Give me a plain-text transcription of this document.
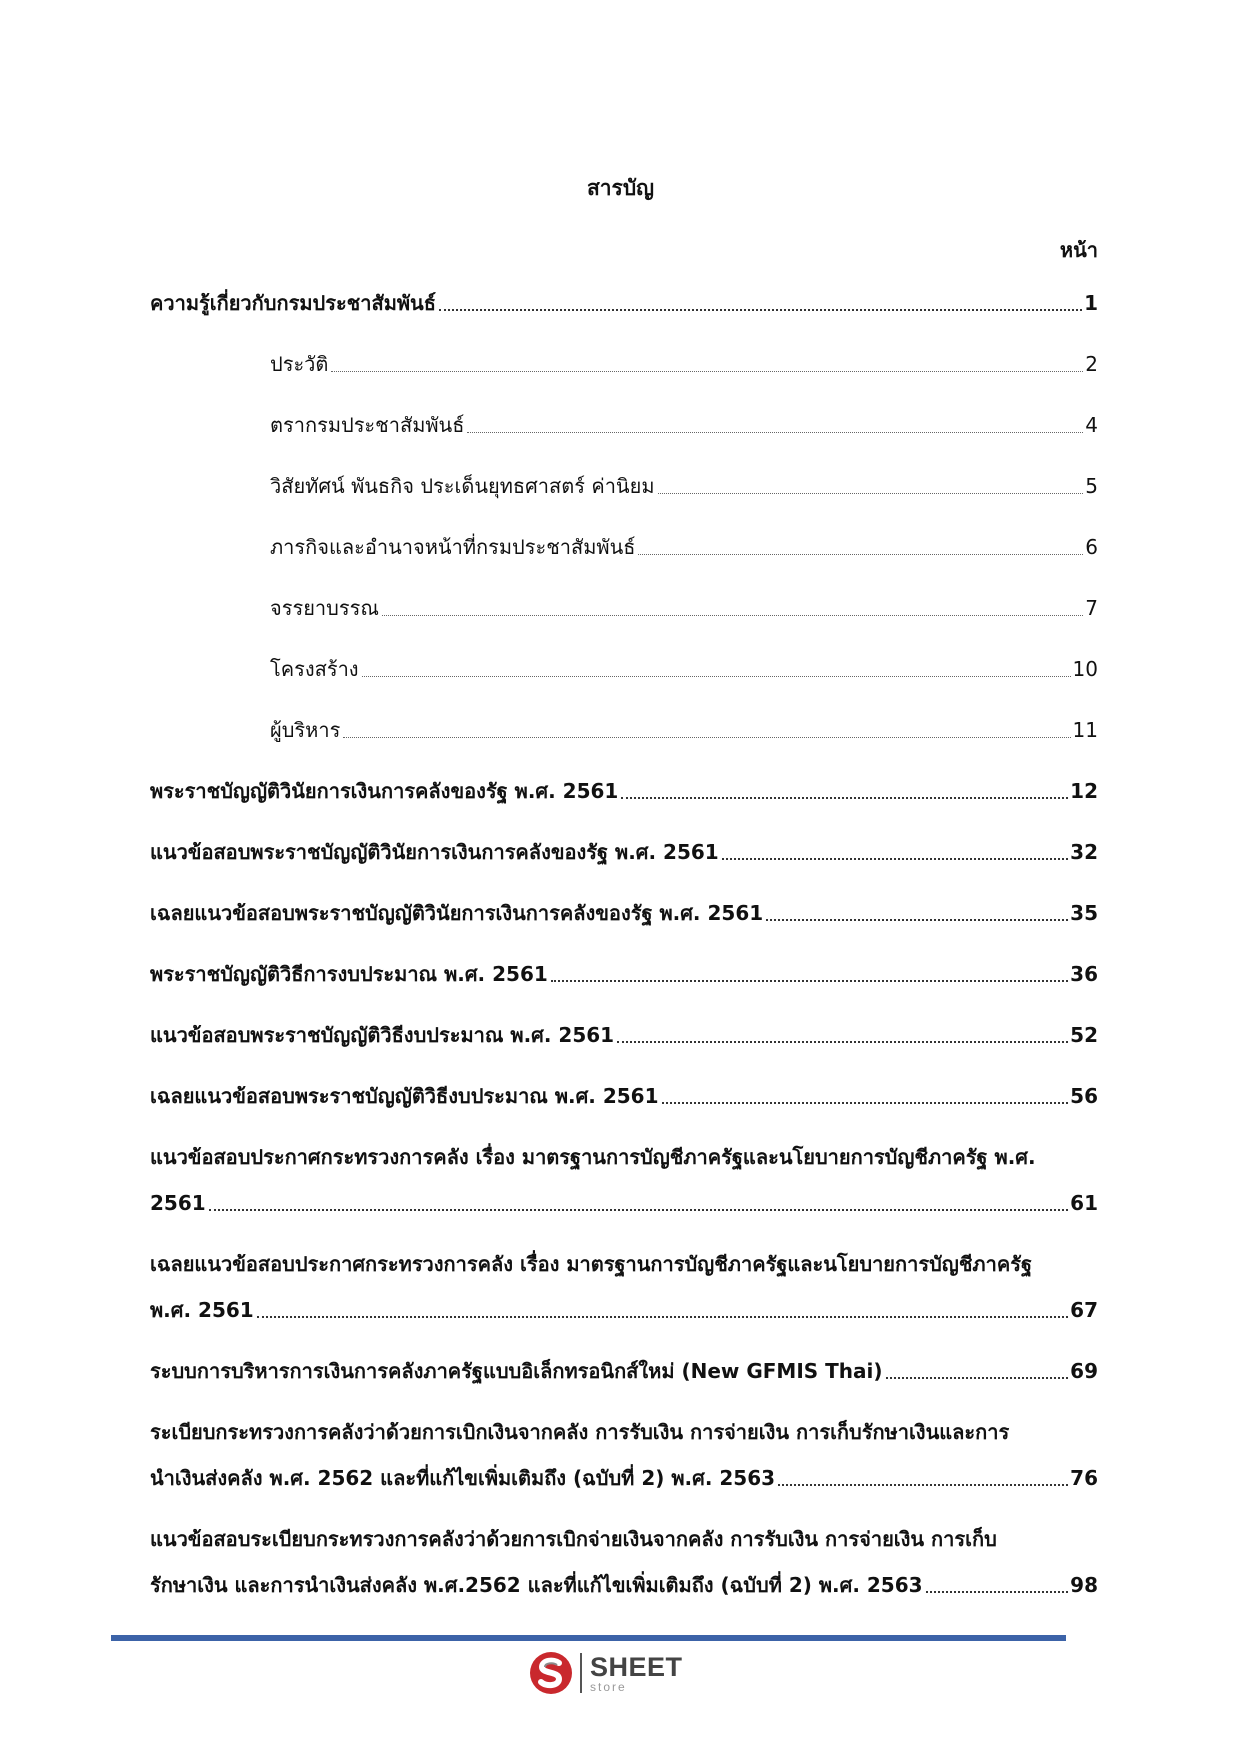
สารบัญ
หน้า
ความรู้เกี่ยวกับกรมประชาสัมพันธ์	1
ประวัติ	2
ตรากรมประชาสัมพันธ์	4
วิสัยทัศน์ พันธกิจ ประเด็นยุทธศาสตร์ ค่านิยม	5
ภารกิจและอำนาจหน้าที่กรมประชาสัมพันธ์	6
จรรยาบรรณ	7
โครงสร้าง	10
ผู้บริหาร	11
พระราชบัญญัติวินัยการเงินการคลังของรัฐ พ.ศ. 2561	12
แนวข้อสอบพระราชบัญญัติวินัยการเงินการคลังของรัฐ พ.ศ. 2561	32
เฉลยแนวข้อสอบพระราชบัญญัติวินัยการเงินการคลังของรัฐ พ.ศ. 2561	35
พระราชบัญญัติวิธีการงบประมาณ พ.ศ. 2561	36
แนวข้อสอบพระราชบัญญัติวิธีงบประมาณ พ.ศ. 2561	52
เฉลยแนวข้อสอบพระราชบัญญัติวิธีงบประมาณ พ.ศ. 2561	56
แนวข้อสอบประกาศกระทรวงการคลัง เรื่อง มาตรฐานการบัญชีภาครัฐและนโยบายการบัญชีภาครัฐ พ.ศ.
2561	61
เฉลยแนวข้อสอบประกาศกระทรวงการคลัง เรื่อง มาตรฐานการบัญชีภาครัฐและนโยบายการบัญชีภาครัฐ
พ.ศ. 2561	67
ระบบการบริหารการเงินการคลังภาครัฐแบบอิเล็กทรอนิกส์ใหม่ (New GFMIS Thai)	69
ระเบียบกระทรวงการคลังว่าด้วยการเบิกเงินจากคลัง การรับเงิน การจ่ายเงิน การเก็บรักษาเงินและการ
นำเงินส่งคลัง พ.ศ. 2562 และที่แก้ไขเพิ่มเติมถึง (ฉบับที่ 2) พ.ศ. 2563	76
แนวข้อสอบระเบียบกระทรวงการคลังว่าด้วยการเบิกจ่ายเงินจากคลัง การรับเงิน การจ่ายเงิน การเก็บ
รักษาเงิน และการนำเงินส่งคลัง พ.ศ.2562 และที่แก้ไขเพิ่มเติมถึง (ฉบับที่ 2) พ.ศ. 2563	98
SHEET
store
